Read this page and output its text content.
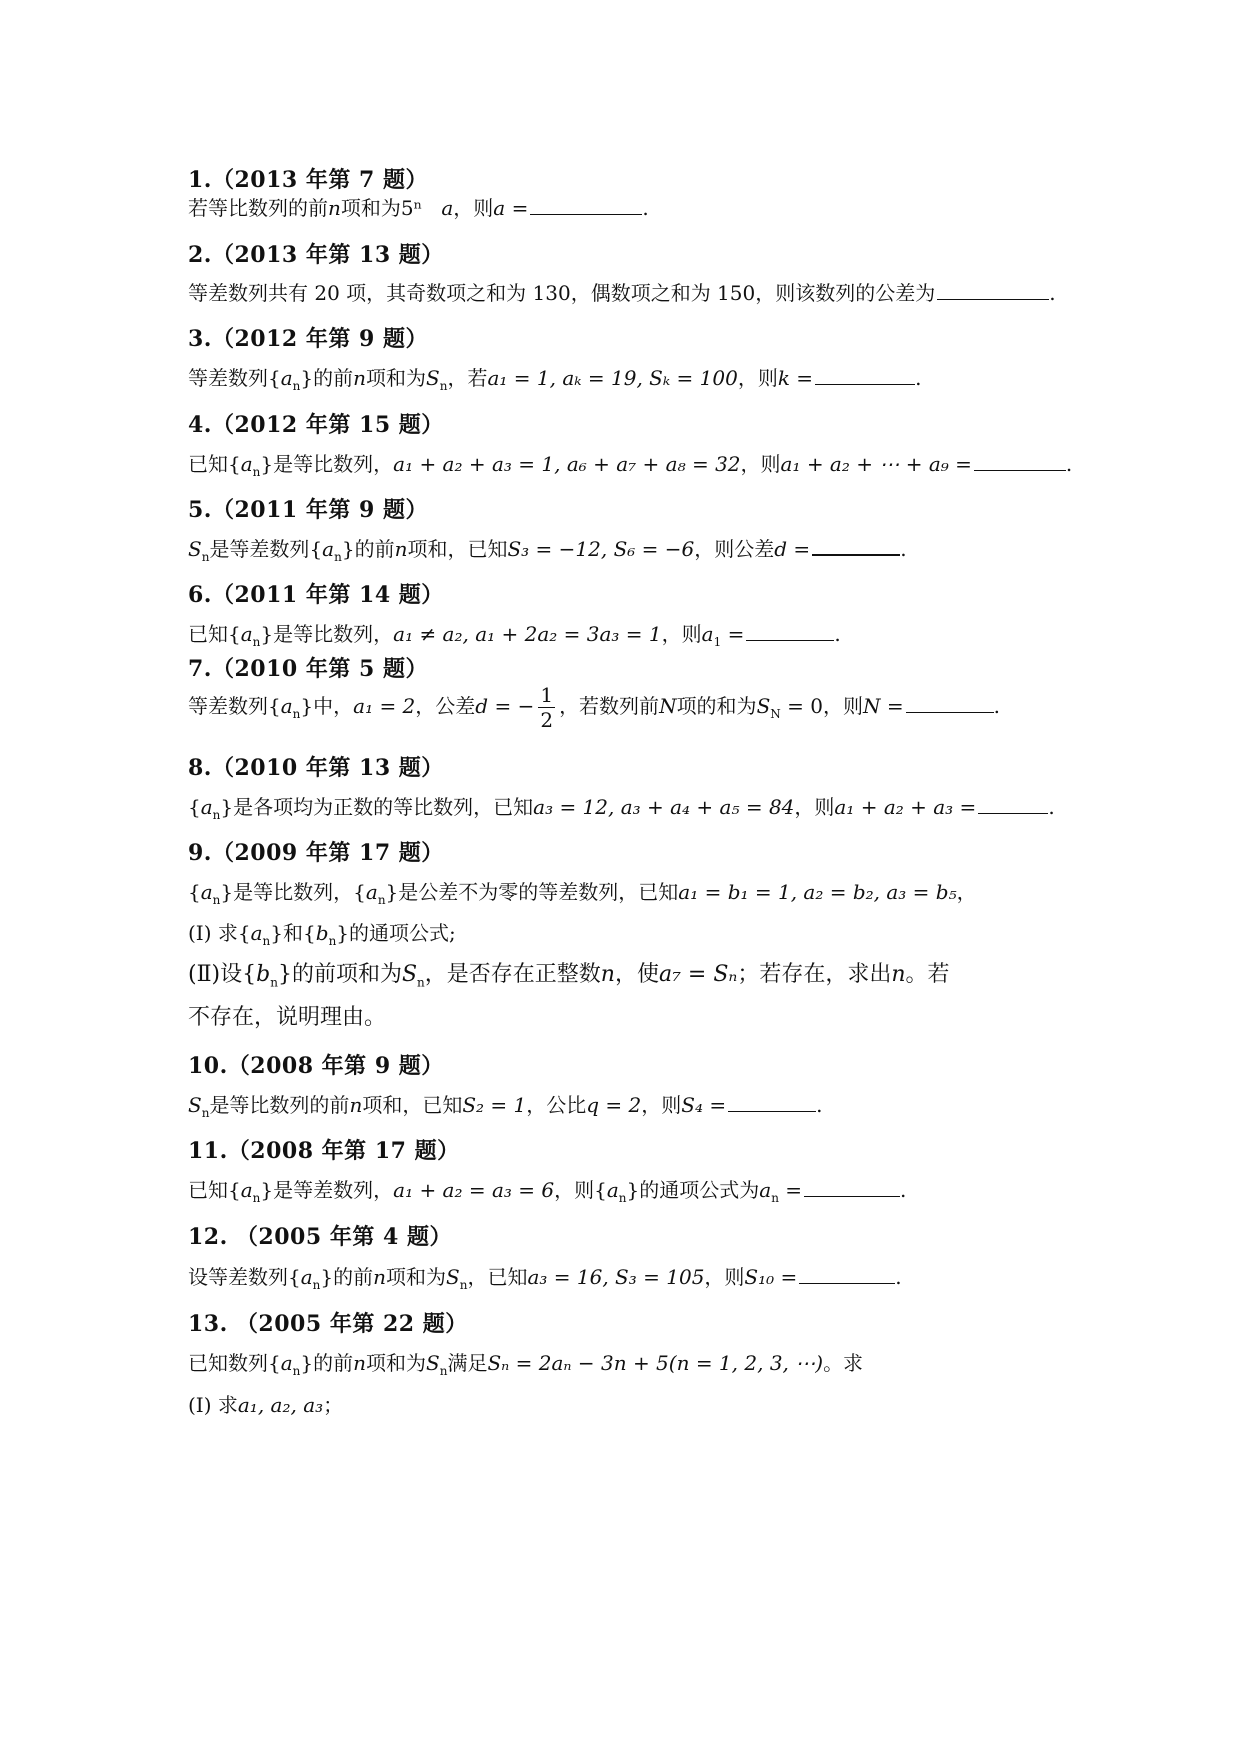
1.（2013 年第 7 题）
若等比数列的前n项和为5ⁿ a，则a =	.
2.（2013 年第 13 题）
等差数列共有 20 项，其奇数项之和为 130，偶数项之和为 150，则该数列的公差为	.
3.（2012 年第 9 题）
等差数列$\{a_n\}$的前n项和为$S_n$，若a₁ = 1, aₖ = 19, Sₖ = 100，则k =	.
4.（2012 年第 15 题）
已知$\{a_n\}$是等比数列，a₁ + a₂ + a₃ = 1, a₆ + a₇ + a₈ = 32，则a₁ + a₂ + ⋯ + a₉ =	.
5.（2011 年第 9 题）
$S_n$是等差数列$\{a_n\}$的前n项和，已知S₃ = −12, S₆ = −6，则公差d =	.
6.（2011 年第 14 题）
已知$\{a_n\}$是等比数列，a₁ ≠ a₂, a₁ + 2a₂ = 3a₃ = 1，则$a_1$ =	.
7.（2010 年第 5 题）
等差数列$\{a_n\}$中，a₁ = 2，公差d = − $\frac{1}{2}$ ，若数列前N项的和为$S_N = 0$，则N =	.
8.（2010 年第 13 题）
$\{a_n\}$是各项均为正数的等比数列，已知a₃ = 12, a₃ + a₄ + a₅ = 84，则a₁ + a₂ + a₃ =	.
9.（2009 年第 17 题）
$\{a_n\}$是等比数列，$\{a_n\}$是公差不为零的等差数列，已知a₁ = b₁ = 1, a₂ = b₂, a₃ = b₅，
(Ⅰ) 求$\{a_n\}$和$\{b_n\}$的通项公式;
(Ⅱ)设$\{b_n\}$的前项和为$S_n$，是否存在正整数n，使a₇ = Sₙ；若存在，求出n。若
不存在，说明理由。
10.（2008 年第 9 题）
$S_n$是等比数列的前n项和，已知S₂ = 1，公比q = 2，则S₄ =	.
11.（2008 年第 17 题）
已知$\{a_n\}$是等差数列，a₁ + a₂ = a₃ = 6，则$\{a_n\}$的通项公式为$a_n$ =	.
12. （2005 年第 4 题）
设等差数列$\{a_n\}$的前n项和为$S_n$，已知a₃ = 16, S₃ = 105，则S₁₀ =	.
13. （2005 年第 22 题）
已知数列$\{a_n\}$的前n项和为$S_n$满足Sₙ = 2aₙ − 3n + 5(n = 1, 2, 3, ⋯)。求
(Ⅰ) 求a₁, a₂, a₃；
